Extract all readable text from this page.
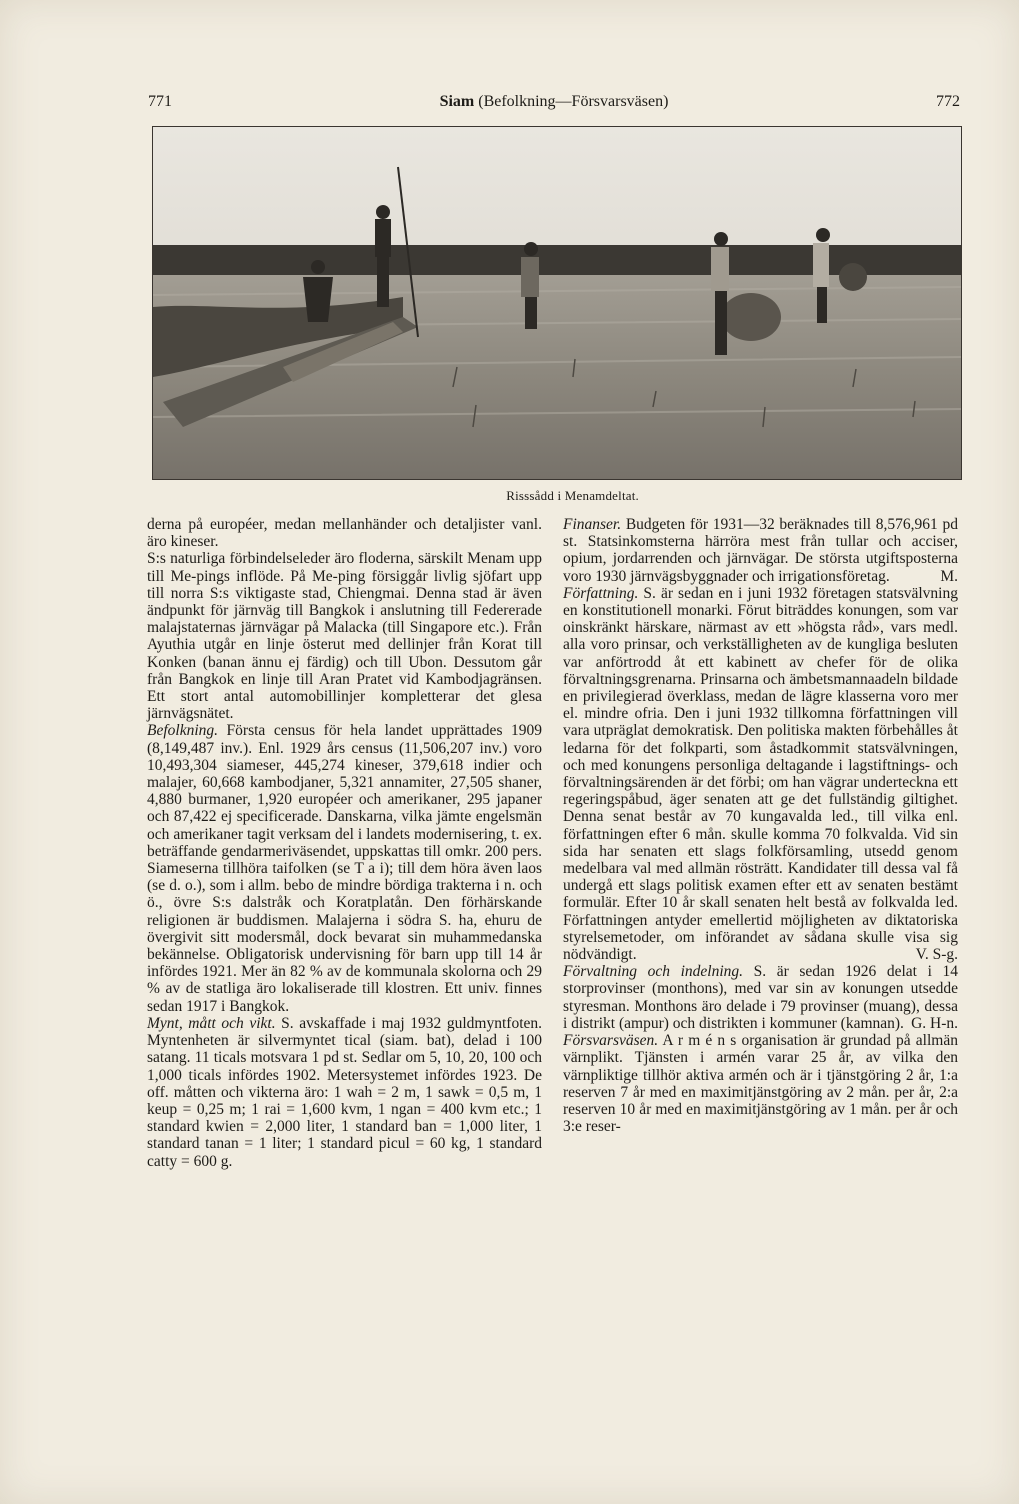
771	Siam (Befolkning—Försvarsväsen)	772
Risssådd i Menamdeltat.

derna på européer, medan mellanhänder och detaljister vanl. äro kineser.

S:s naturliga förbindelseleder äro floderna, särskilt Menam upp till Me-pings inflöde. På Me-ping försiggår livlig sjöfart upp till norra S:s viktigaste stad, Chiengmai. Denna stad är även ändpunkt för järnväg till Bangkok i anslutning till Federerade malajstaternas järnvägar på Malacka (till Singapore etc.). Från Ayuthia utgår en linje österut med dellinjer från Korat till Konken (banan ännu ej färdig) och till Ubon. Dessutom går från Bangkok en linje till Aran Pratet vid Kambodjagränsen. Ett stort antal automobillinjer kompletterar det glesa järnvägsnätet.

Befolkning. Första census för hela landet upprättades 1909 (8,149,487 inv.). Enl. 1929 års census (11,506,207 inv.) voro 10,493,304 siameser, 445,274 kineser, 379,618 indier och malajer, 60,668 kambodjaner, 5,321 annamiter, 27,505 shaner, 4,880 burmaner, 1,920 européer och amerikaner, 295 japaner och 87,422 ej specificerade. Danskarna, vilka jämte engelsmän och amerikaner tagit verksam del i landets modernisering, t. ex. beträffande gendarmeriväsendet, uppskattas till omkr. 200 pers. Siameserna tillhöra taifolken (se T a i); till dem höra även laos (se d. o.), som i allm. bebo de mindre bördiga trakterna i n. och ö., övre S:s dalstråk och Koratplatån. Den förhärskande religionen är buddismen. Malajerna i södra S. ha, ehuru de övergivit sitt modersmål, dock bevarat sin muhammedanska bekännelse. Obligatorisk undervisning för barn upp till 14 år infördes 1921. Mer än 82 % av de kommunala skolorna och 29 % av de statliga äro lokaliserade till klostren. Ett univ. finnes sedan 1917 i Bangkok.

Mynt, mått och vikt. S. avskaffade i maj 1932 guldmyntfoten. Myntenheten är silvermyntet tical (siam. bat), delad i 100 satang. 11 ticals motsvara 1 pd st. Sedlar om 5, 10, 20, 100 och 1,000 ticals infördes 1902. Metersystemet infördes 1923. De off. måtten och vikterna äro: 1 wah = 2 m, 1 sawk = 0,5 m, 1 keup = 0,25 m; 1 rai = 1,600 kvm, 1 ngan = 400 kvm etc.; 1 standard kwien = 2,000 liter, 1 standard ban = 1,000 liter, 1 standard tanan = 1 liter; 1 standard picul = 60 kg, 1 standard catty = 600 g.

Finanser. Budgeten för 1931—32 beräknades till 8,576,961 pd st. Statsinkomsterna härröra mest från tullar och acciser, opium, jordarrenden och järnvägar. De största utgiftsposterna voro 1930 järnvägsbyggnader och irrigationsföretag.	M.

Författning. S. är sedan en i juni 1932 företagen statsvälvning en konstitutionell monarki. Förut biträddes konungen, som var oinskränkt härskare, närmast av ett »högsta råd», vars medl. alla voro prinsar, och verkställigheten av de kungliga besluten var anförtrodd åt ett kabinett av chefer för de olika förvaltningsgrenarna. Prinsarna och ämbetsmannaadeln bildade en privilegierad överklass, medan de lägre klasserna voro mer el. mindre ofria. Den i juni 1932 tillkomna författningen vill vara utpräglat demokratisk. Den politiska makten förbehålles åt ledarna för det folkparti, som åstadkommit statsvälvningen, och med konungens personliga deltagande i lagstiftnings- och förvaltningsärenden är det förbi; om han vägrar underteckna ett regeringspåbud, äger senaten att ge det fullständig giltighet. Denna senat består av 70 kungavalda led., till vilka enl. författningen efter 6 mån. skulle komma 70 folkvalda. Vid sin sida har senaten ett slags folkförsamling, utsedd genom medelbara val med allmän rösträtt. Kandidater till dessa val få undergå ett slags politisk examen efter ett av senaten bestämt formulär. Efter 10 år skall senaten helt bestå av folkvalda led. Författningen antyder emellertid möjligheten av diktatoriska styrelsemetoder, om införandet av sådana skulle visa sig nödvändigt.	V. S-g.

Förvaltning och indelning. S. är sedan 1926 delat i 14 storprovinser (monthons), med var sin av konungen utsedde styresman. Monthons äro delade i 79 provinser (muang), dessa i distrikt (ampur) och distrikten i kommuner (kamnan). G. H-n.

Försvarsväsen. A r m é n s organisation är grundad på allmän värnplikt. Tjänsten i armén varar 25 år, av vilka den värnpliktige tillhör aktiva armén och är i tjänstgöring 2 år, 1:a reserven 7 år med en maximitjänstgöring av 2 mån. per år, 2:a reserven 10 år med en maximitjänstgöring av 1 mån. per år och 3:e reser-
